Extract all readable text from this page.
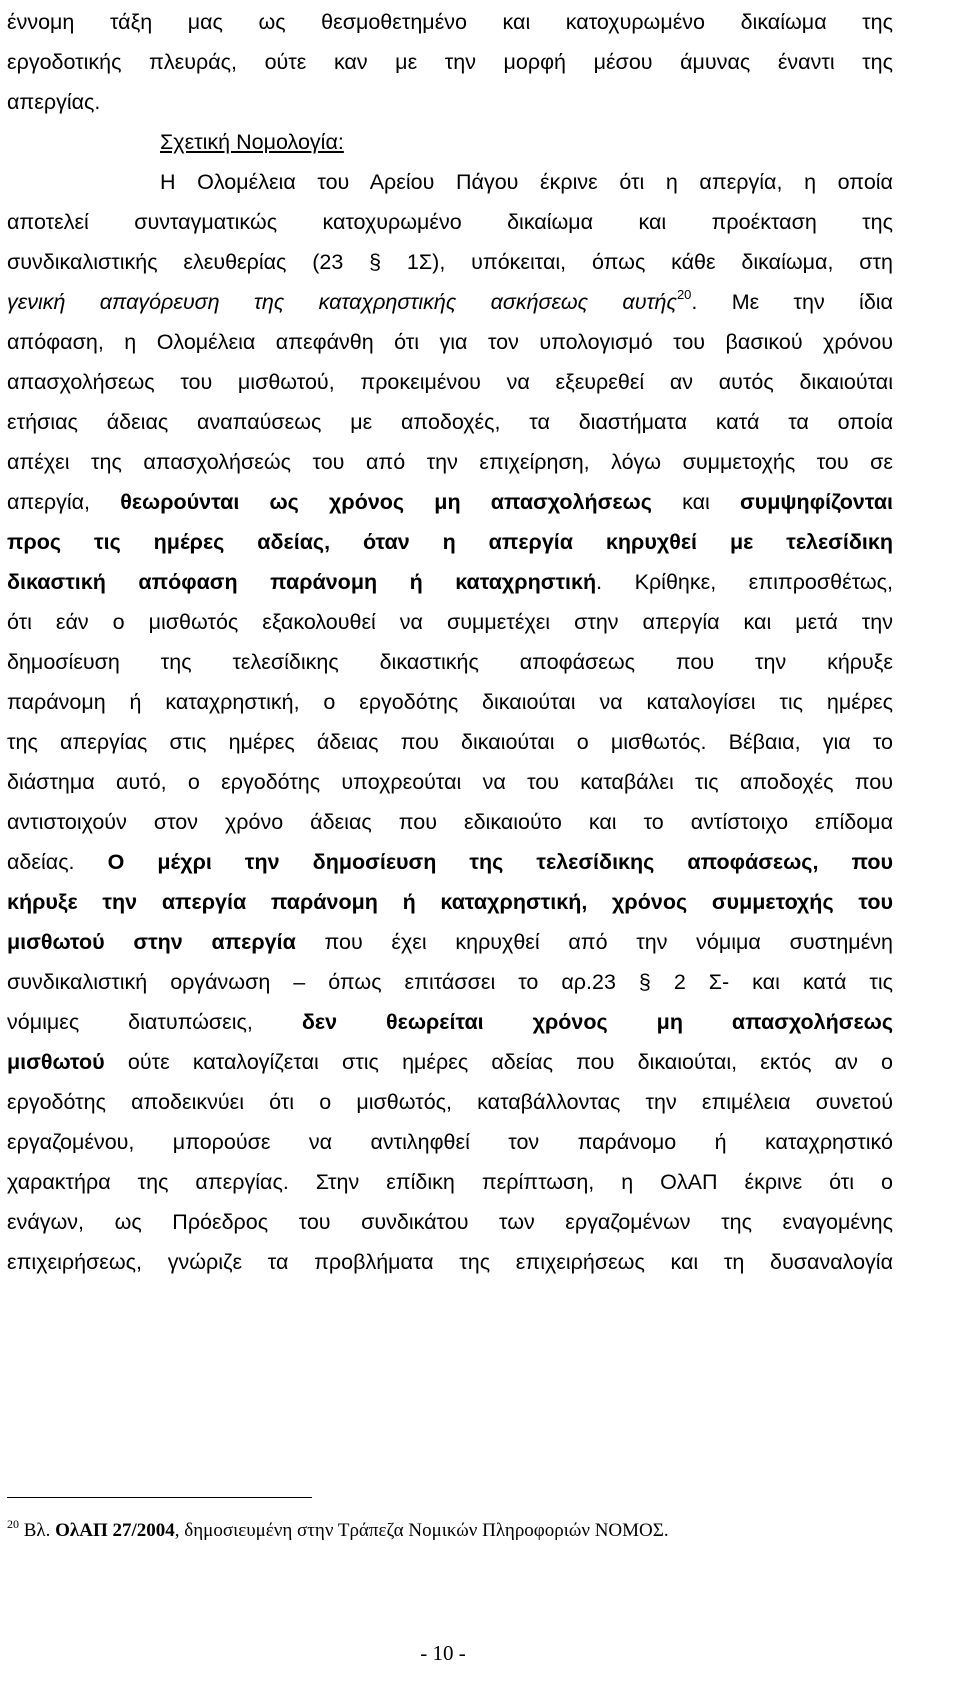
έννομη τάξη μας ως θεσμοθετημένο και κατοχυρωμένο δικαίωμα της
εργοδοτικής πλευράς, ούτε καν με την μορφή μέσου άμυνας έναντι της
απεργίας.
Σχετική Νομολογία:
Η Ολομέλεια του Αρείου Πάγου έκρινε ότι η απεργία, η οποία
αποτελεί συνταγματικώς κατοχυρωμένο δικαίωμα και προέκταση της
συνδικαλιστικής ελευθερίας (23 § 1Σ), υπόκειται, όπως κάθε δικαίωμα, στη
γενική απαγόρευση της καταχρηστικής ασκήσεως αυτής$^{20}$. Με την ίδια
απόφαση, η Ολομέλεια απεφάνθη ότι για τον υπολογισμό του βασικού χρόνου
απασχολήσεως του μισθωτού, προκειμένου να εξευρεθεί αν αυτός δικαιούται
ετήσιας άδειας αναπαύσεως με αποδοχές, τα διαστήματα κατά τα οποία
απέχει της απασχολήσεώς του από την επιχείρηση, λόγω συμμετοχής του σε
απεργία, θεωρούνται ως χρόνος μη απασχολήσεως και συμψηφίζονται
προς τις ημέρες αδείας, όταν η απεργία κηρυχθεί με τελεσίδικη
δικαστική απόφαση παράνομη ή καταχρηστική. Κρίθηκε, επιπροσθέτως,
ότι εάν ο μισθωτός εξακολουθεί να συμμετέχει στην απεργία και μετά την
δημοσίευση της τελεσίδικης δικαστικής αποφάσεως που την κήρυξε
παράνομη ή καταχρηστική, ο εργοδότης δικαιούται να καταλογίσει τις ημέρες
της απεργίας στις ημέρες άδειας που δικαιούται ο μισθωτός. Βέβαια, για το
διάστημα αυτό, ο εργοδότης υποχρεούται να του καταβάλει τις αποδοχές που
αντιστοιχούν στον χρόνο άδειας που εδικαιούτο και το αντίστοιχο επίδομα
αδείας. Ο μέχρι την δημοσίευση της τελεσίδικης αποφάσεως, που
κήρυξε την απεργία παράνομη ή καταχρηστική, χρόνος συμμετοχής του
μισθωτού στην απεργία που έχει κηρυχθεί από την νόμιμα συστημένη
συνδικαλιστική οργάνωση – όπως επιτάσσει το αρ.23 § 2 Σ- και κατά τις
νόμιμες διατυπώσεις, δεν θεωρείται χρόνος μη απασχολήσεως
μισθωτού ούτε καταλογίζεται στις ημέρες αδείας που δικαιούται, εκτός αν ο
εργοδότης αποδεικνύει ότι ο μισθωτός, καταβάλλοντας την επιμέλεια συνετού
εργαζομένου, μπορούσε να αντιληφθεί τον παράνομο ή καταχρηστικό
χαρακτήρα της απεργίας. Στην επίδικη περίπτωση, η ΟλΑΠ έκρινε ότι ο
ενάγων, ως Πρόεδρος του συνδικάτου των εργαζομένων της εναγομένης
επιχειρήσεως, γνώριζε τα προβλήματα της επιχειρήσεως και τη δυσαναλογία
$^{20}$ Βλ. ΟλΑΠ 27/2004, δημοσιευμένη στην Τράπεζα Νομικών Πληροφοριών ΝΟΜΟΣ.
- 10 -
